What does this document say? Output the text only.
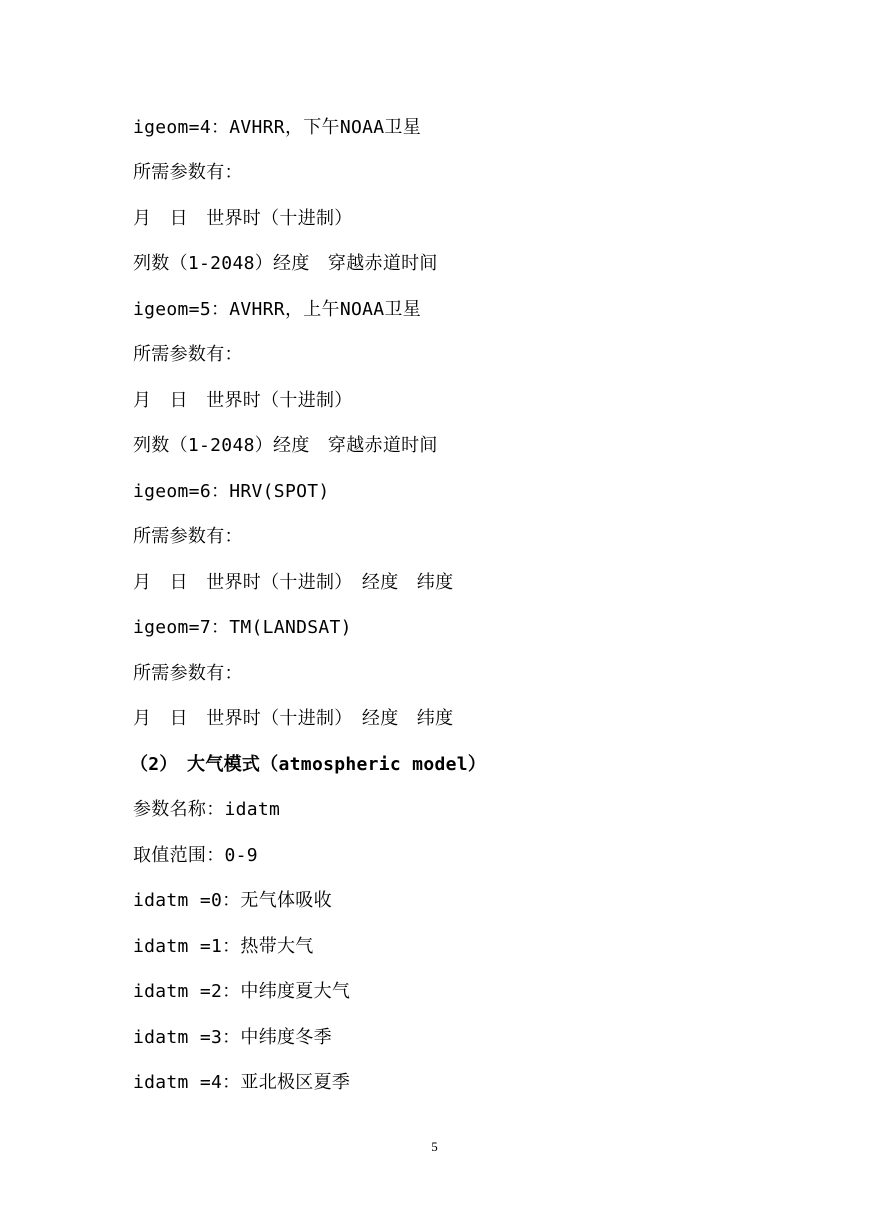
igeom=4：AVHRR，下午NOAA卫星
所需参数有：
月　日　世界时（十进制）
列数（1-2048）经度　穿越赤道时间
igeom=5：AVHRR，上午NOAA卫星
所需参数有：
月　日　世界时（十进制）
列数（1-2048）经度　穿越赤道时间
igeom=6：HRV(SPOT)
所需参数有：
月　日　世界时（十进制）　经度　纬度
igeom=7：TM(LANDSAT)
所需参数有：
月　日　世界时（十进制）　经度　纬度
（2）　大气模式（atmospheric model）
参数名称：idatm
取值范围：0-9
idatm =0：无气体吸收
idatm =1：热带大气
idatm =2：中纬度夏大气
idatm =3：中纬度冬季
idatm =4：亚北极区夏季
5
